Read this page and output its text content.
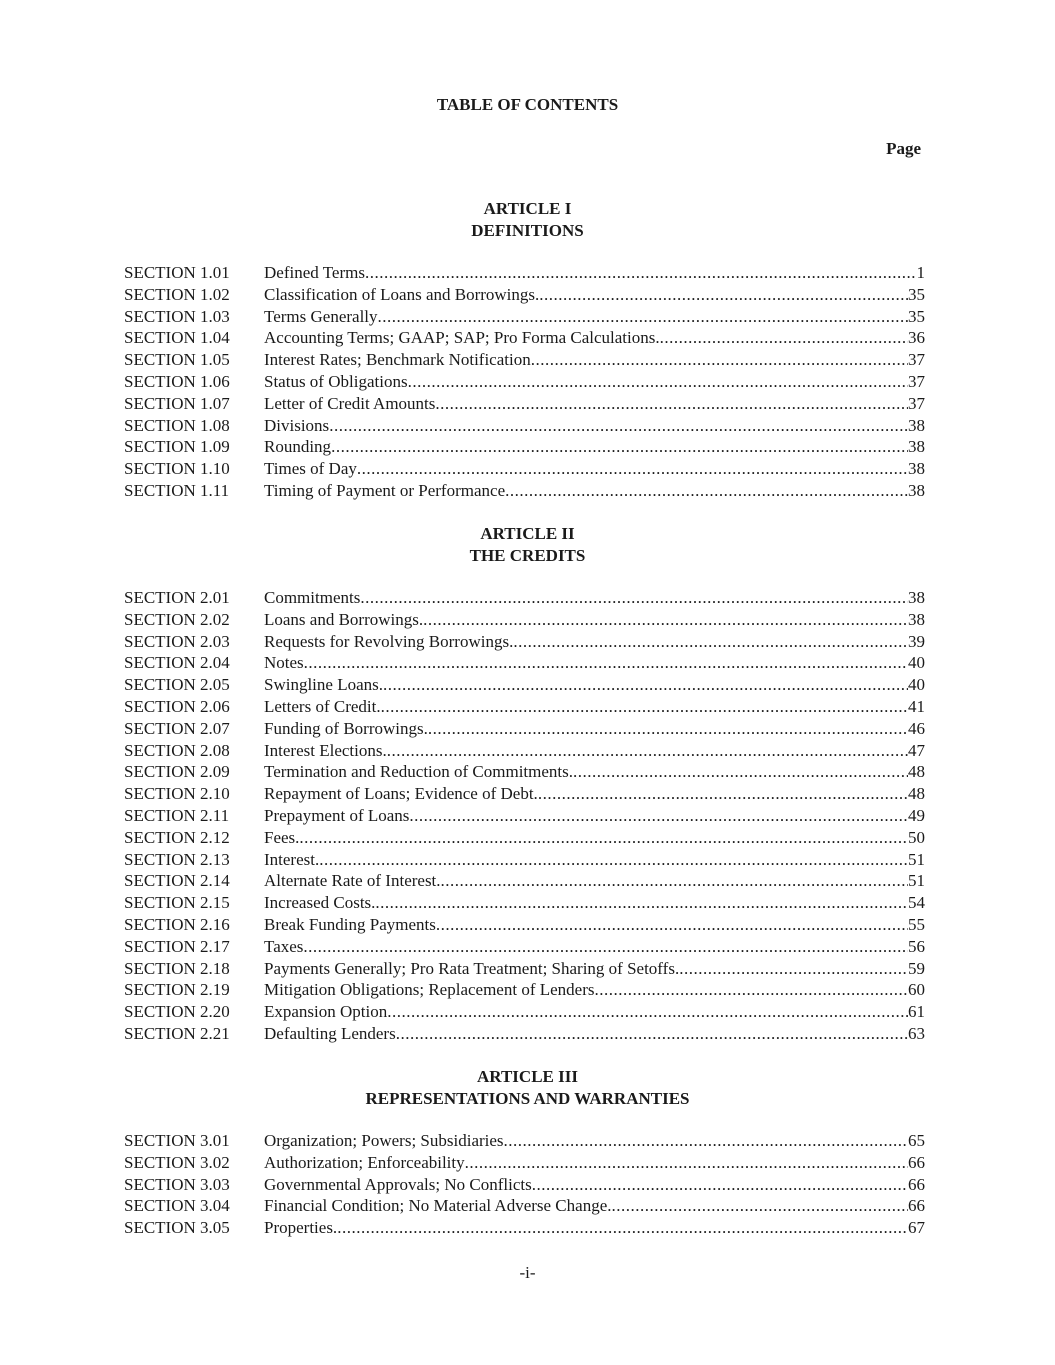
TABLE OF CONTENTS
Page
ARTICLE I
DEFINITIONS
SECTION 1.01	Defined Terms .....	1
SECTION 1.02	Classification of Loans and Borrowings. .....	35
SECTION 1.03	Terms Generally .....	35
SECTION 1.04	Accounting Terms; GAAP; SAP; Pro Forma Calculations. .....	36
SECTION 1.05	Interest Rates; Benchmark Notification .....	37
SECTION 1.06	Status of Obligations .....	37
SECTION 1.07	Letter of Credit Amounts .....	37
SECTION 1.08	Divisions .....	38
SECTION 1.09	Rounding .....	38
SECTION 1.10	Times of Day .....	38
SECTION 1.11	Timing of Payment or Performance .....	38
ARTICLE II
THE CREDITS
SECTION 2.01	Commitments .....	38
SECTION 2.02	Loans and Borrowings. .....	38
SECTION 2.03	Requests for Revolving Borrowings. .....	39
SECTION 2.04	Notes .....	40
SECTION 2.05	Swingline Loans. .....	40
SECTION 2.06	Letters of Credit. .....	41
SECTION 2.07	Funding of Borrowings. .....	46
SECTION 2.08	Interest Elections. .....	47
SECTION 2.09	Termination and Reduction of Commitments. .....	48
SECTION 2.10	Repayment of Loans; Evidence of Debt. .....	48
SECTION 2.11	Prepayment of Loans .....	49
SECTION 2.12	Fees. .....	50
SECTION 2.13	Interest. .....	51
SECTION 2.14	Alternate Rate of Interest. .....	51
SECTION 2.15	Increased Costs. .....	54
SECTION 2.16	Break Funding Payments .....	55
SECTION 2.17	Taxes .....	56
SECTION 2.18	Payments Generally; Pro Rata Treatment; Sharing of Setoffs. .....	59
SECTION 2.19	Mitigation Obligations; Replacement of Lenders .....	60
SECTION 2.20	Expansion Option .....	61
SECTION 2.21	Defaulting Lenders .....	63
ARTICLE III
REPRESENTATIONS AND WARRANTIES
SECTION 3.01	Organization; Powers; Subsidiaries .....	65
SECTION 3.02	Authorization; Enforceability .....	66
SECTION 3.03	Governmental Approvals; No Conflicts .....	66
SECTION 3.04	Financial Condition; No Material Adverse Change. .....	66
SECTION 3.05	Properties. .....	67
-i-
